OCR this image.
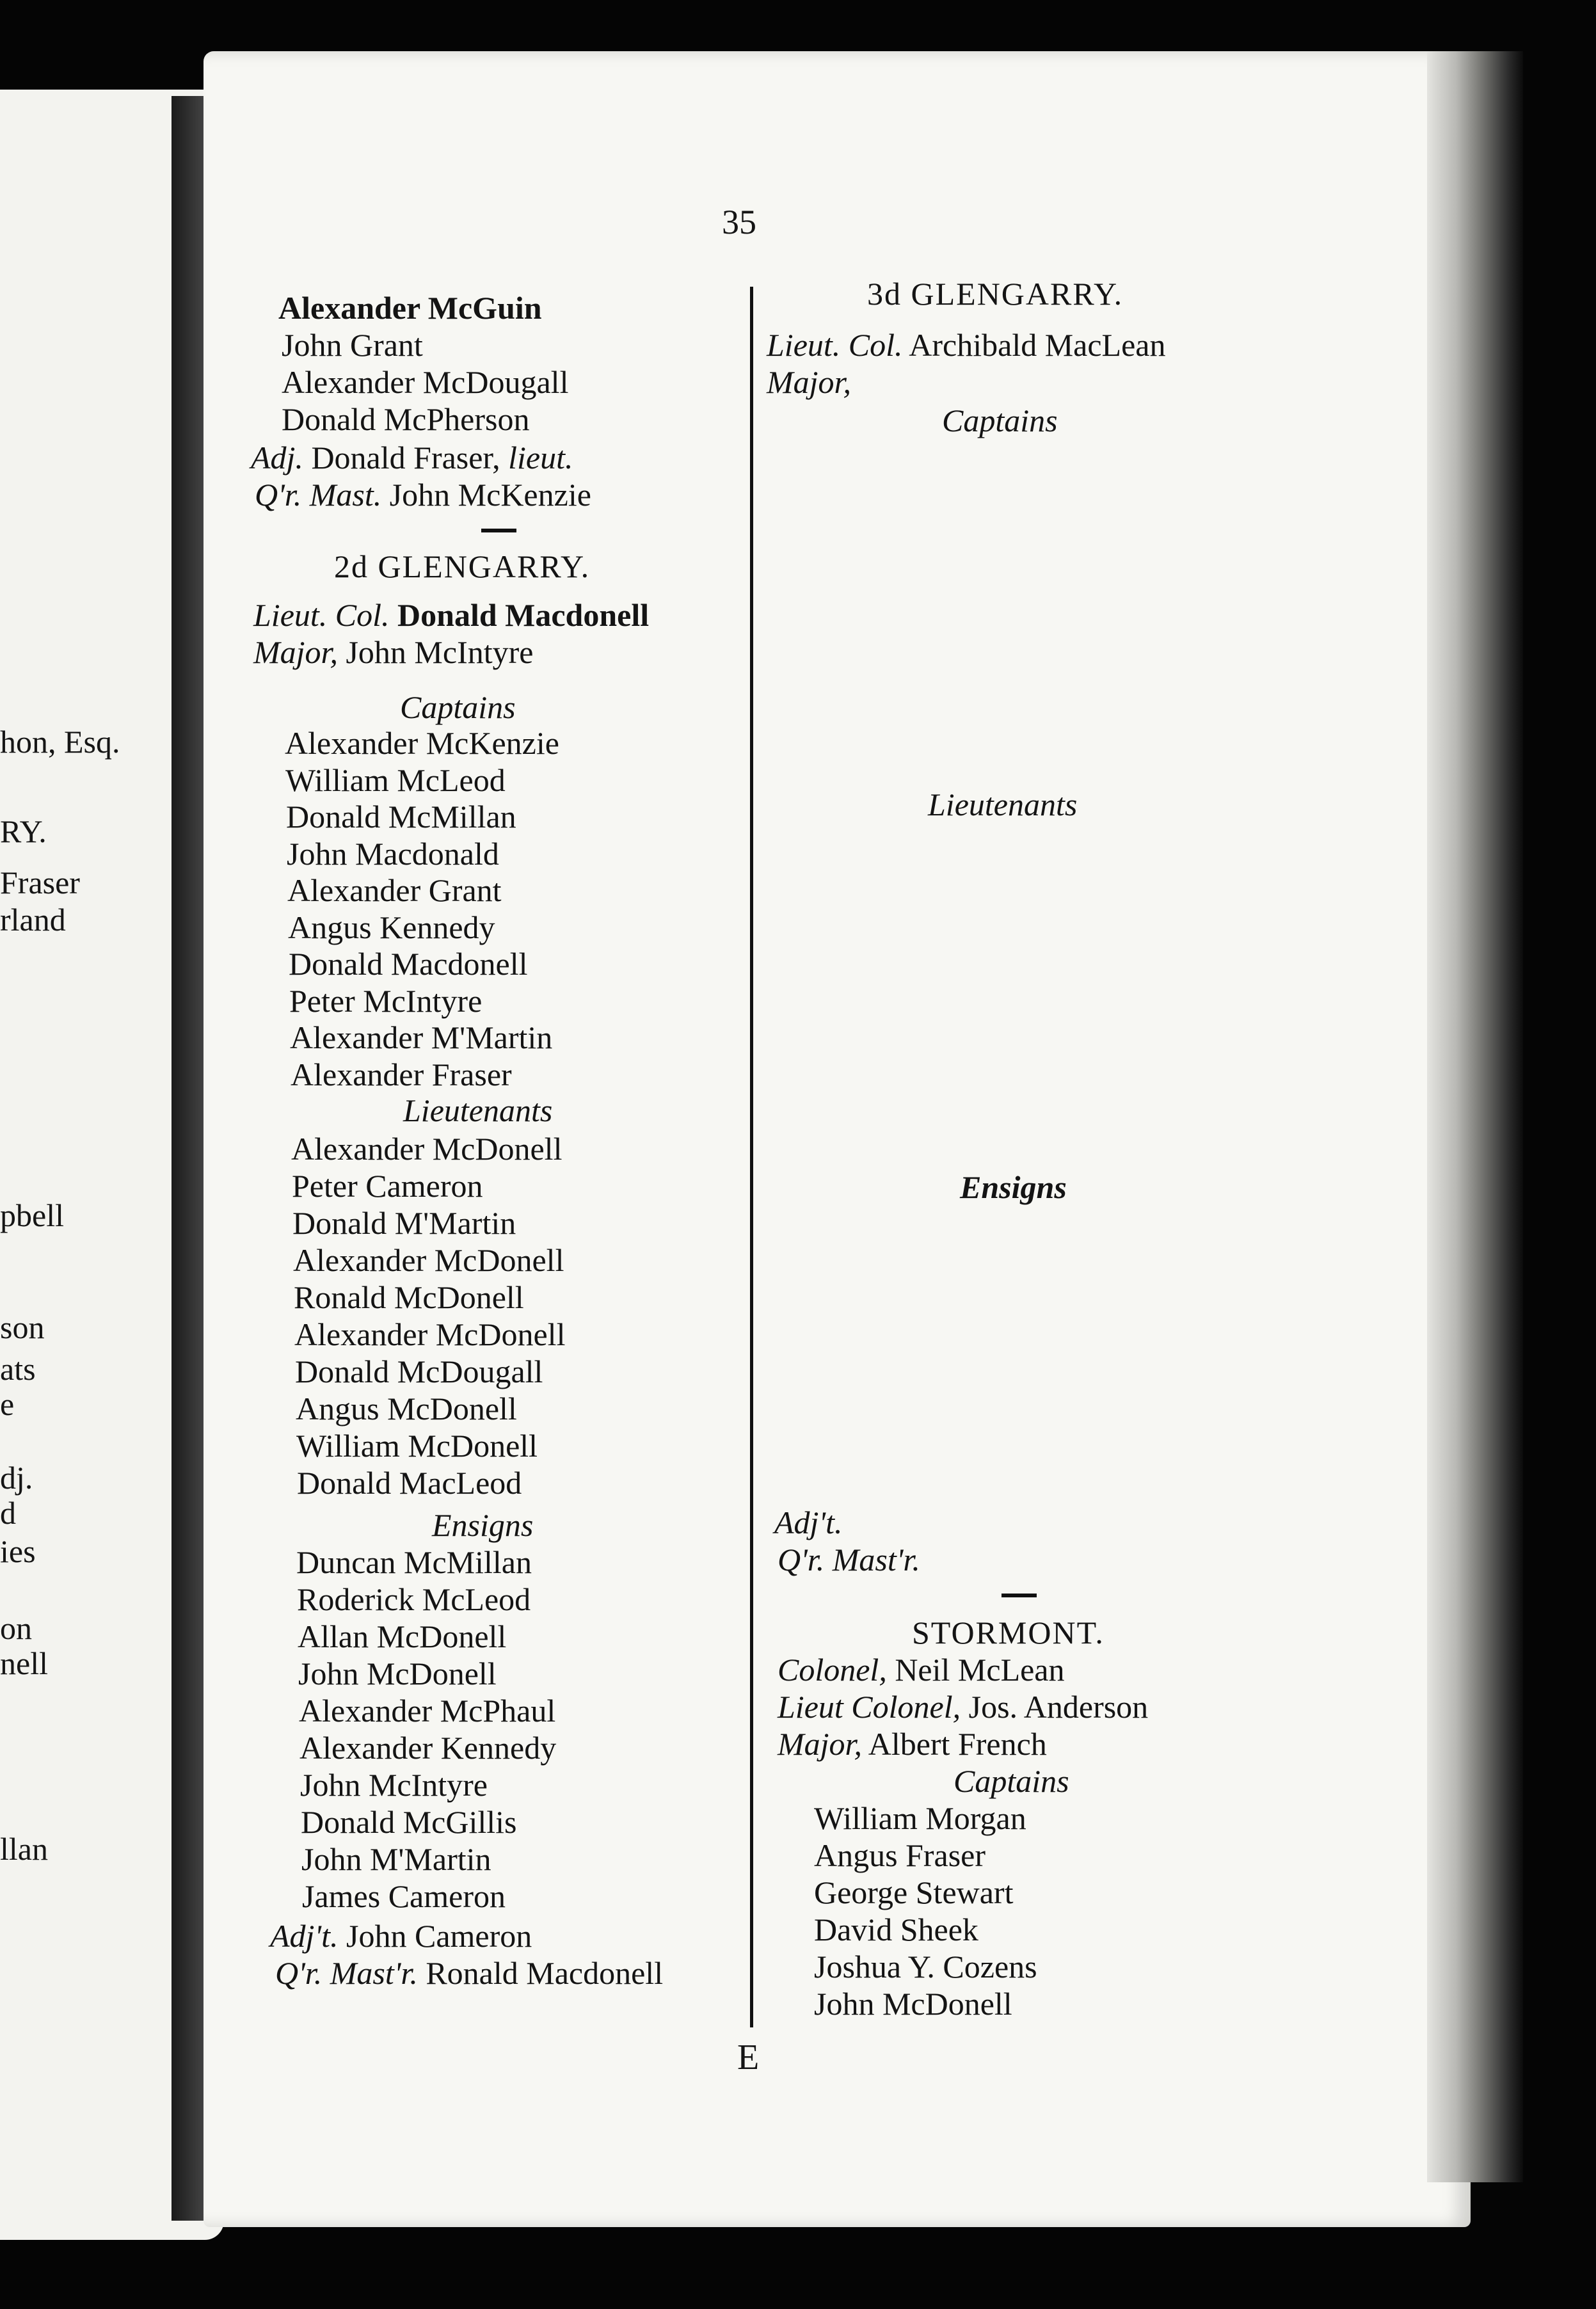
hon, Esq.
RY.
Fraser
rland
pbell
son
ats
e
dj.
d
ies
on
nell
llan
35
Alexander McGuin
John Grant
Alexander McDougall
Donald McPherson
Adj. Donald Fraser, lieut.
Q'r. Mast. John McKenzie
2d GLENGARRY.
Lieut. Col. Donald Macdonell
Major, John McIntyre
Captains
Alexander McKenzie
William McLeod
Donald McMillan
John Macdonald
Alexander Grant
Angus Kennedy
Donald Macdonell
Peter McIntyre
Alexander M'Martin
Alexander Fraser
Lieutenants
Alexander McDonell
Peter Cameron
Donald M'Martin
Alexander McDonell
Ronald McDonell
Alexander McDonell
Donald McDougall
Angus McDonell
William McDonell
Donald MacLeod
Ensigns
Duncan McMillan
Roderick McLeod
Allan McDonell
John McDonell
Alexander McPhaul
Alexander Kennedy
John McIntyre
Donald McGillis
John M'Martin
James Cameron
Adj't. John Cameron
Q'r. Mast'r. Ronald Macdonell
3d GLENGARRY.
Lieut. Col. Archibald MacLean
Major,
Captains
Lieutenants
Ensigns
Adj't.
Q'r. Mast'r.
STORMONT.
Colonel, Neil McLean
Lieut Colonel, Jos. Anderson
Major, Albert French
Captains
William Morgan
Angus Fraser
George Stewart
David Sheek
Joshua Y. Cozens
John McDonell
E
